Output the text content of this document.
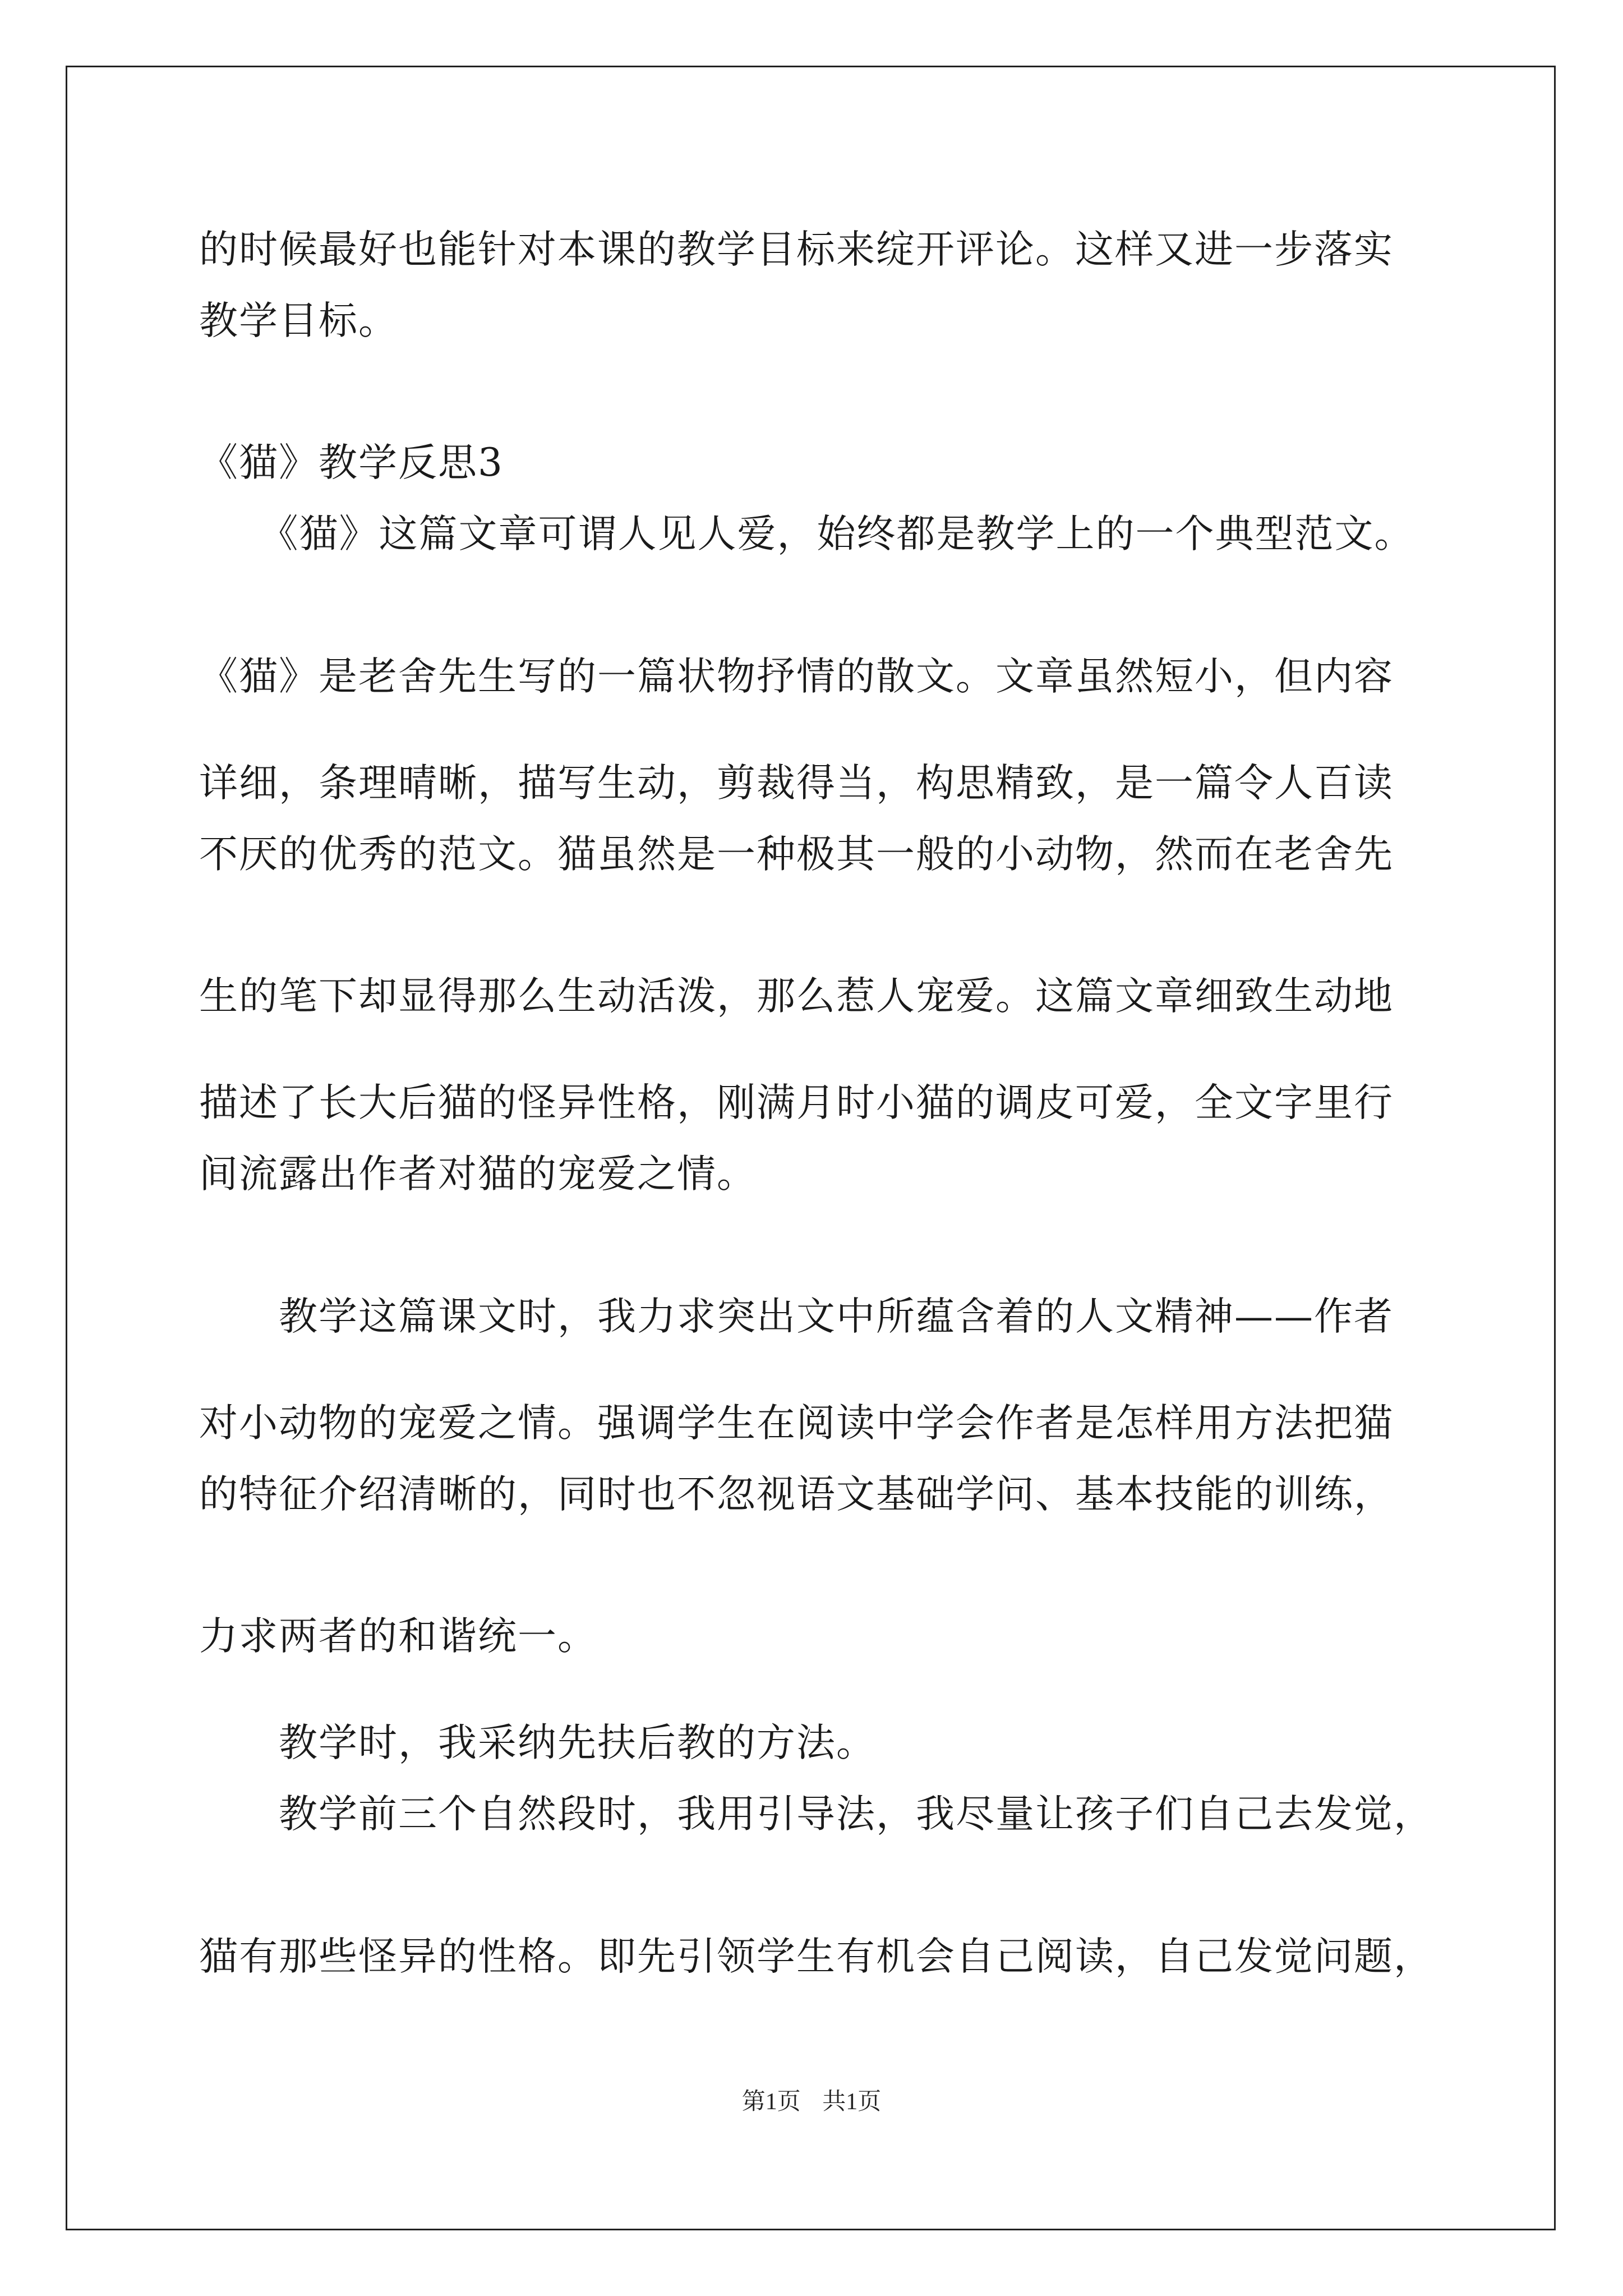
的时候最好也能针对本课的教学目标来绽开评论。这样又进一步落实
教学目标。
《猫》教学反思3
　　《猫》这篇文章可谓人见人爱，始终都是教学上的一个典型范文。
《猫》是老舍先生写的一篇状物抒情的散文。文章虽然短小，但内容
详细，条理晴晰，描写生动，剪裁得当，构思精致，是一篇令人百读
不厌的优秀的范文。猫虽然是一种极其一般的小动物，然而在老舍先
生的笔下却显得那么生动活泼，那么惹人宠爱。这篇文章细致生动地
描述了长大后猫的怪异性格，刚满月时小猫的调皮可爱，全文字里行
间流露出作者对猫的宠爱之情。
　　教学这篇课文时，我力求突出文中所蕴含着的人文精神——作者
对小动物的宠爱之情。强调学生在阅读中学会作者是怎样用方法把猫
的特征介绍清晰的，同时也不忽视语文基础学问、基本技能的训练，
力求两者的和谐统一。
　　教学时，我采纳先扶后教的方法。
　　教学前三个自然段时，我用引导法，我尽量让孩子们自己去发觉，
猫有那些怪异的性格。即先引领学生有机会自己阅读，自己发觉问题，
第1页 共1页
